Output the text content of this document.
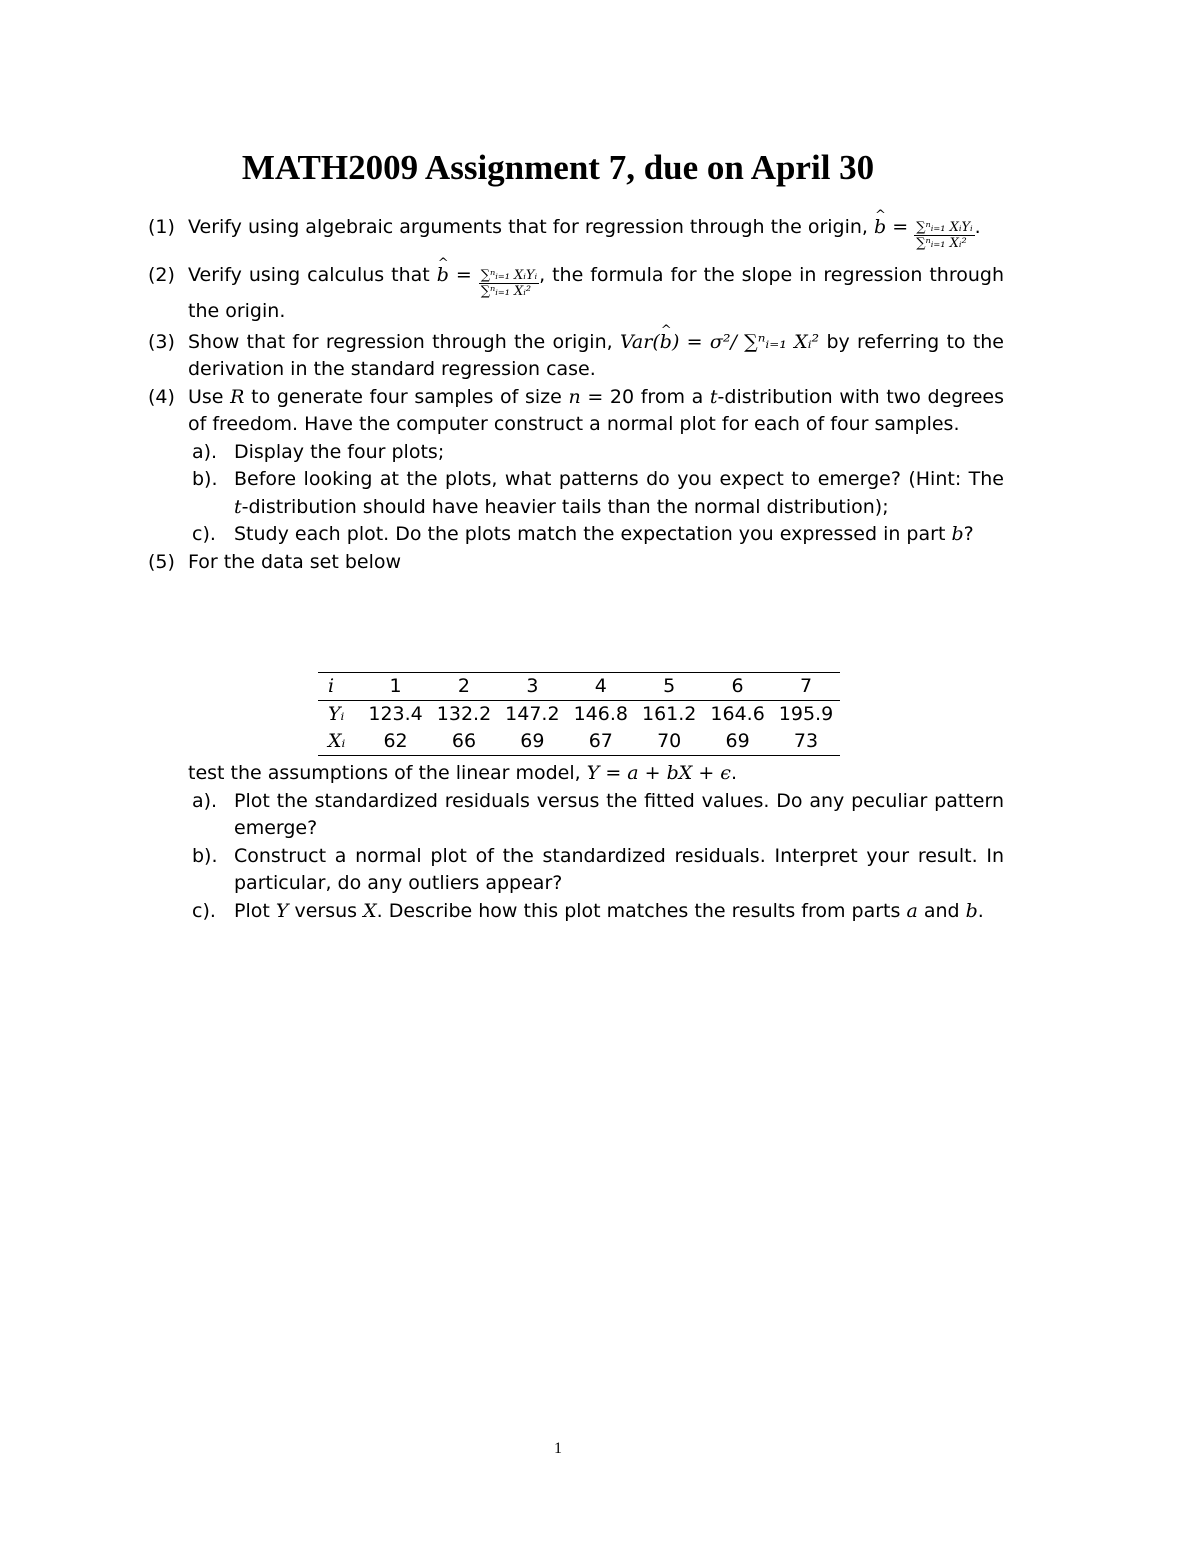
MATH2009 Assignment 7, due on April 30
(1) Verify using algebraic arguments that for regression through the origin, ^ $b = \frac{\text{∑ⁿᵢ₌₁ XᵢYᵢ}}{\text{∑ⁿᵢ₌₁ Xᵢ²}}$ .
(2) Verify using calculus that ^ $b = \frac{\text{∑ⁿᵢ₌₁ XᵢYᵢ}}{\text{∑ⁿᵢ₌₁ Xᵢ²}}$ , the formula for the slope in regression through the origin.
(3) Show that for regression through the origin, Var(^ b) = σ²/ ∑ⁿᵢ₌₁ Xᵢ² by referring to the derivation in the standard regression case.
(4) Use R to generate four samples of size n = 20 from a t-distribution with two degrees of freedom. Have the computer construct a normal plot for each of four samples.
a). Display the four plots;
b). Before looking at the plots, what patterns do you expect to emerge? (Hint: The t-distribution should have heavier tails than the normal distribution);
c). Study each plot. Do the plots match the expectation you expressed in part b?
(5) For the data set below
i	1	2	3	4	5	6	7
Yᵢ	123.4	132.2	147.2	146.8	161.2	164.6	195.9
Xᵢ	62	66	69	67	70	69	73
test the assumptions of the linear model, Y = a + bX + ϵ.
a). Plot the standardized residuals versus the fitted values. Do any peculiar pattern emerge?
b). Construct a normal plot of the standardized residuals. Interpret your result. In particular, do any outliers appear?
c). Plot Y versus X. Describe how this plot matches the results from parts a and b.
1
